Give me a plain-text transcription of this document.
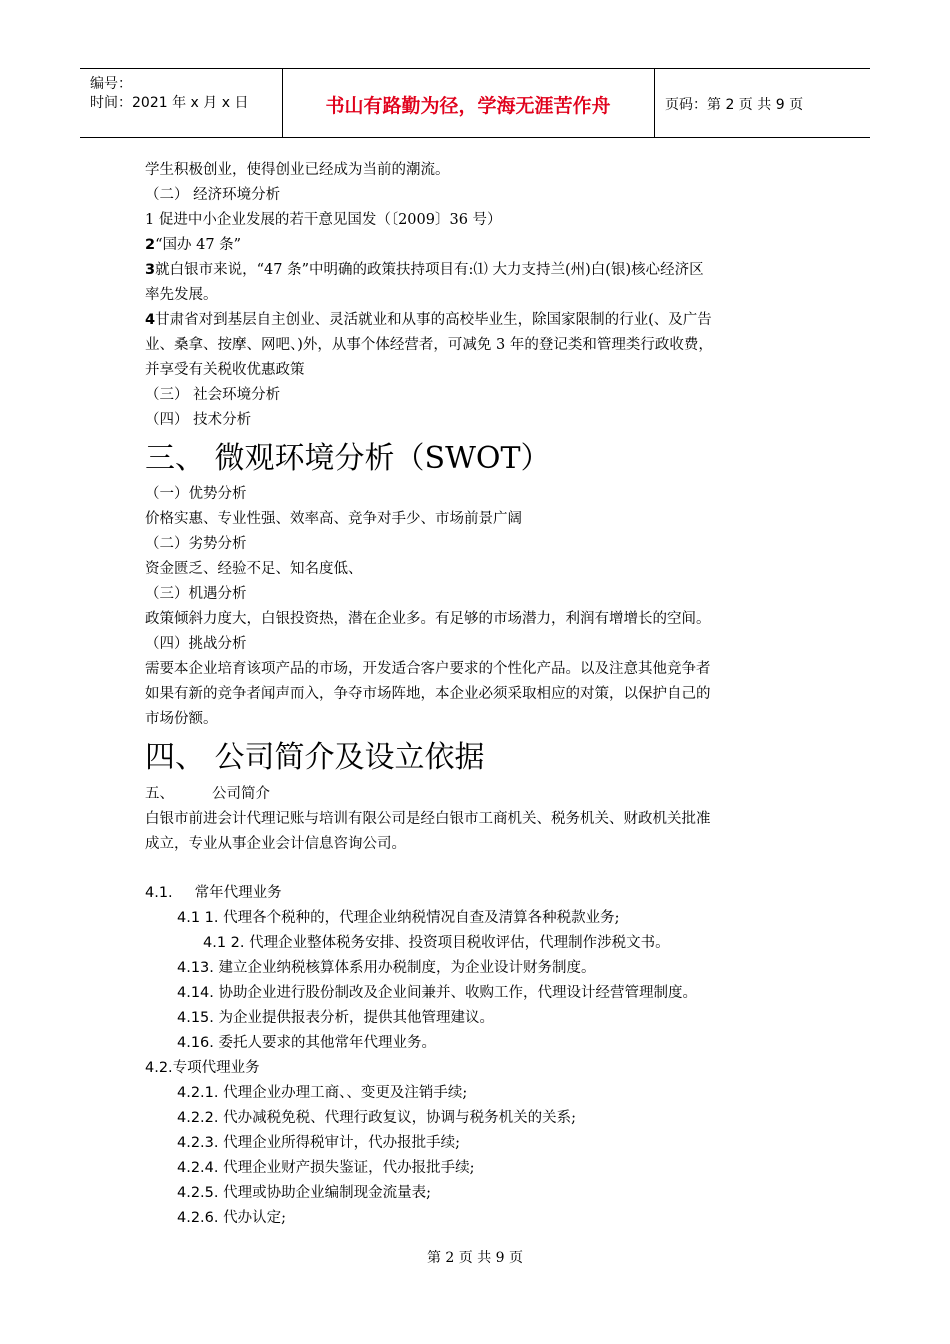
编号：
时间：2021 年 x 月 x 日	书山有路勤为径，学海无涯苦作舟	页码：第 2 页 共 9 页
学生积极创业，使得创业已经成为当前的潮流。
（二） 经济环境分析
1 促进中小企业发展的若干意见国发（〔2009〕36 号）
2“国办 47 条”
3就白银市来说，“47 条”中明确的政策扶持项目有:⑴ 大力支持兰(州)白(银)核心经济区
率先发展。
4甘肃省对到基层自主创业、灵活就业和从事的高校毕业生，除国家限制的行业(、及广告
业、桑拿、按摩、网吧、)外，从事个体经营者，可减免 3 年的登记类和管理类行政收费，
并享受有关税收优惠政策
（三） 社会环境分析
（四） 技术分析
三、 微观环境分析（SWOT）
（一）优势分析
价格实惠、专业性强、效率高、竞争对手少、市场前景广阔
（二）劣势分析
资金匮乏、经验不足、知名度低、
（三）机遇分析
政策倾斜力度大，白银投资热，潜在企业多。有足够的市场潜力，利润有增增长的空间。
（四）挑战分析
需要本企业培育该项产品的市场，开发适合客户要求的个性化产品。以及注意其他竞争者
如果有新的竞争者闻声而入，争夺市场阵地，本企业必须采取相应的对策，以保护自己的
市场份额。
四、 公司简介及设立依据
五、	公司简介
白银市前进会计代理记账与培训有限公司是经白银市工商机关、税务机关、财政机关批准
成立，专业从事企业会计信息咨询公司。
4.1. 常年代理业务
4.1 1. 代理各个税种的，代理企业纳税情况自查及清算各种税款业务;
4.1 2. 代理企业整体税务安排、投资项目税收评估，代理制作涉税文书。
4.13. 建立企业纳税核算体系用办税制度，为企业设计财务制度。
4.14. 协助企业进行股份制改及企业间兼并、收购工作，代理设计经营管理制度。
4.15. 为企业提供报表分析，提供其他管理建议。
4.16. 委托人要求的其他常年代理业务。
4.2.专项代理业务
4.2.1. 代理企业办理工商、、变更及注销手续;
4.2.2. 代办减税免税、代理行政复议，协调与税务机关的关系;
4.2.3. 代理企业所得税审计，代办报批手续;
4.2.4. 代理企业财产损失鉴证，代办报批手续;
4.2.5. 代理或协助企业编制现金流量表;
4.2.6. 代办认定;
第 2 页 共 9 页
